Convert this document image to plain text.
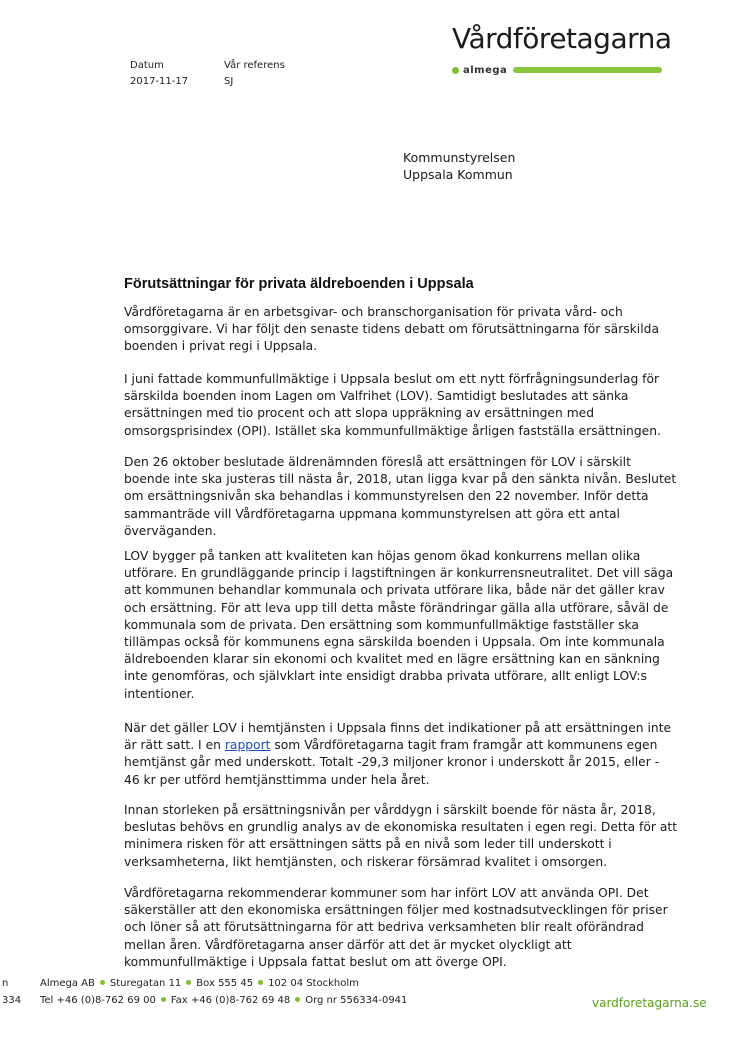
Datum
2017-11-17
Vår referens
SJ
Vårdföretagarna
almega
Kommunstyrelsen
Uppsala Kommun
Förutsättningar för privata äldreboenden i Uppsala

Vårdföretagarna är en arbetsgivar- och branschorganisation för privata vård- och
omsorggivare. Vi har följt den senaste tidens debatt om förutsättningarna för särskilda
boenden i privat regi i Uppsala.

I juni fattade kommunfullmäktige i Uppsala beslut om ett nytt förfrågningsunderlag för
särskilda boenden inom Lagen om Valfrihet (LOV). Samtidigt beslutades att sänka
ersättningen med tio procent och att slopa uppräkning av ersättningen med
omsorgsprisindex (OPI). Istället ska kommunfullmäktige årligen fastställa ersättningen.

Den 26 oktober beslutade äldrenämnden föreslå att ersättningen för LOV i särskilt
boende inte ska justeras till nästa år, 2018, utan ligga kvar på den sänkta nivån. Beslutet
om ersättningsnivån ska behandlas i kommunstyrelsen den 22 november. Inför detta
sammanträde vill Vårdföretagarna uppmana kommunstyrelsen att göra ett antal
överväganden.

LOV bygger på tanken att kvaliteten kan höjas genom ökad konkurrens mellan olika
utförare. En grundläggande princip i lagstiftningen är konkurrensneutralitet. Det vill säga
att kommunen behandlar kommunala och privata utförare lika, både när det gäller krav
och ersättning. För att leva upp till detta måste förändringar gälla alla utförare, såväl de
kommunala som de privata. Den ersättning som kommunfullmäktige fastställer ska
tillämpas också för kommunens egna särskilda boenden i Uppsala. Om inte kommunala
äldreboenden klarar sin ekonomi och kvalitet med en lägre ersättning kan en sänkning
inte genomföras, och självklart inte ensidigt drabba privata utförare, allt enligt LOV:s
intentioner.

När det gäller LOV i hemtjänsten i Uppsala finns det indikationer på att ersättningen inte
är rätt satt. I en rapport som Vårdföretagarna tagit fram framgår att kommunens egen
hemtjänst går med underskott. Totalt -29,3 miljoner kronor i underskott år 2015, eller -
46 kr per utförd hemtjänsttimma under hela året.

Innan storleken på ersättningsnivån per vårddygn i särskilt boende för nästa år, 2018,
beslutas behövs en grundlig analys av de ekonomiska resultaten i egen regi. Detta för att
minimera risken för att ersättningen sätts på en nivå som leder till underskott i
verksamheterna, likt hemtjänsten, och riskerar försämrad kvalitet i omsorgen.

Vårdföretagarna rekommenderar kommuner som har infört LOV att använda OPI. Det
säkerställer att den ekonomiska ersättningen följer med kostnadsutvecklingen för priser
och löner så att förutsättningarna för att bedriva verksamheten blir realt oförändrad
mellan åren. Vårdföretagarna anser därför att det är mycket olyckligt att
kommunfullmäktige i Uppsala fattat beslut om att överge OPI.

n
334
Almega AB Sturegatan 11 Box 555 45 102 04 Stockholm
Tel +46 (0)8-762 69 00 Fax +46 (0)8-762 69 48 Org nr 556334-0941	vardforetagarna.se
